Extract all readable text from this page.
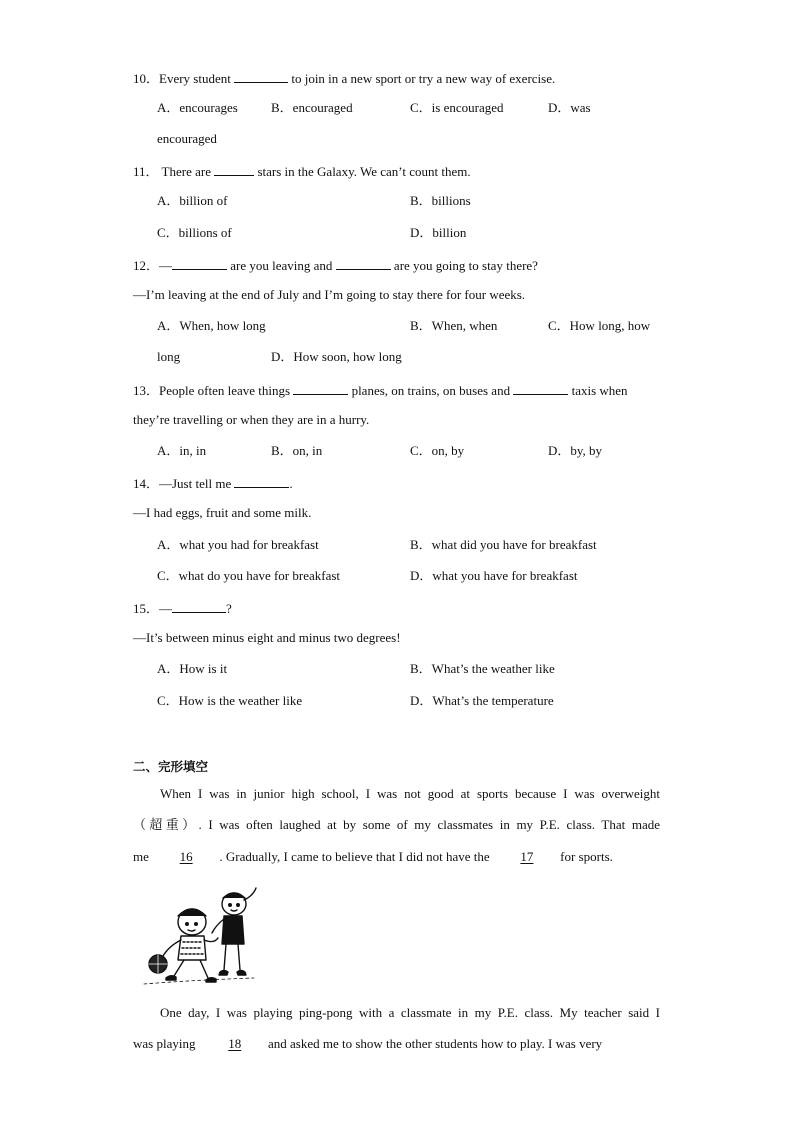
10．Every student	to join in a new sport or try a new way of exercise.
A．encourages	B．encouraged	C．is encouraged	D．was
encouraged
11． There are	stars in the Galaxy. We can’t count them.
A．billion of	B．billions
C．billions of	D．billion
12．—	are you leaving and	are you going to stay there?
—I’m leaving at the end of July and I’m going to stay there for four weeks.
A．When, how long	B．When, when	C．How long, how
long	D．How soon, how long
13．People often leave things	planes, on trains, on buses and	taxis when
they’re travelling or when they are in a hurry.
A．in, in	B．on, in	C．on, by	D．by, by
14．—Just tell me	.
—I had eggs, fruit and some milk.
A．what you had for breakfast	B．what did you have for breakfast
C．what do you have for breakfast	D．what you have for breakfast
15．—	?
—It’s between minus eight and minus two degrees!
A．How is it	B．What’s the weather like
C．How is the weather like	D．What’s the temperature
二、完形填空
When I was in junior high school, I was not good at sports because I was overweight
（超重）. I was often laughed at by some of my classmates in my P.E. class. That made
me 16 . Gradually, I came to believe that I did not have the 17 for sports.
One day, I was playing ping-pong with a classmate in my P.E. class. My teacher said I
was playing	18 and asked me to show the other students how to play. I was very
